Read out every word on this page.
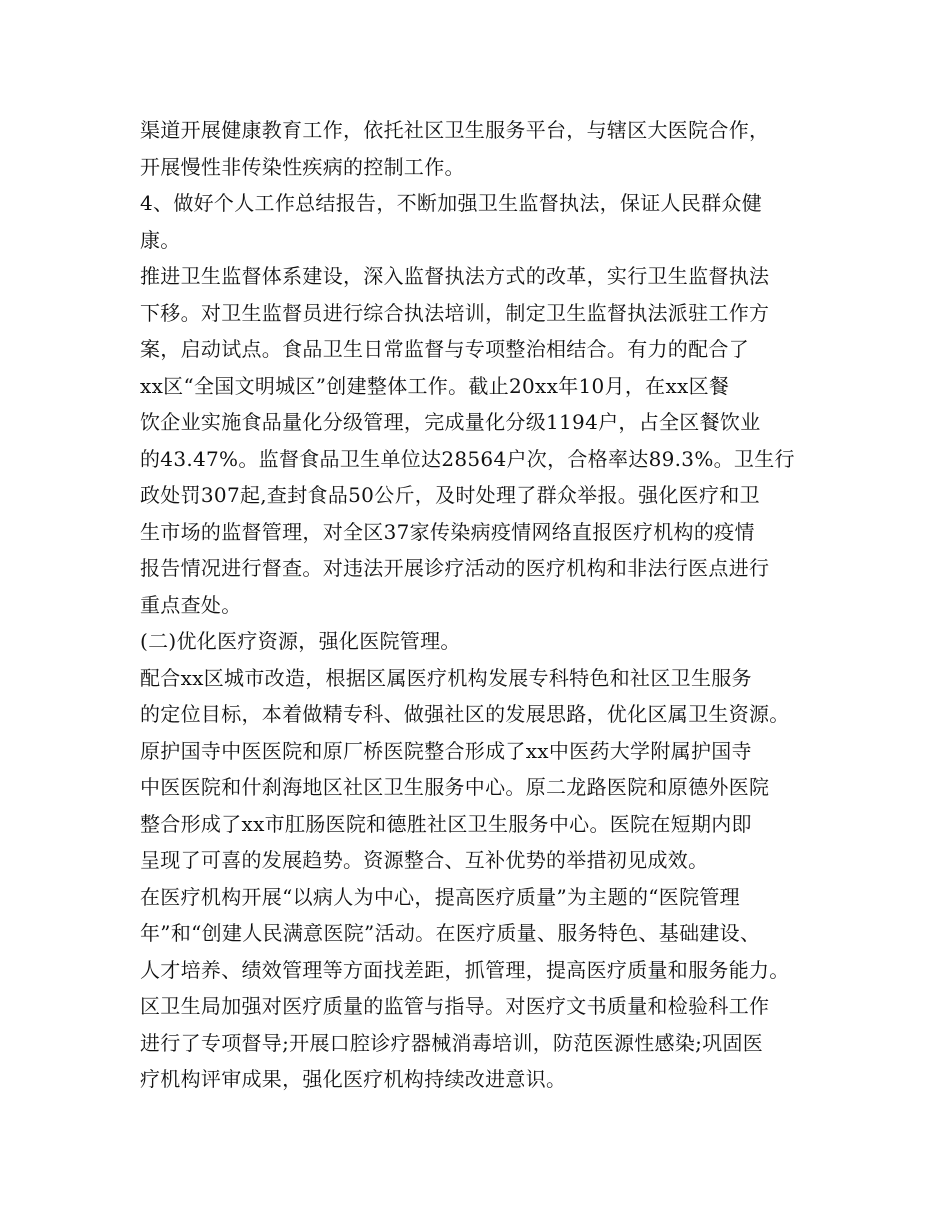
渠道开展健康教育工作，依托社区卫生服务平台，与辖区大医院合作，
开展慢性非传染性疾病的控制工作。
4、做好个人工作总结报告，不断加强卫生监督执法，保证人民群众健
康。
推进卫生监督体系建设，深入监督执法方式的改革，实行卫生监督执法
下移。对卫生监督员进行综合执法培训，制定卫生监督执法派驻工作方
案，启动试点。食品卫生日常监督与专项整治相结合。有力的配合了
xx区“全国文明城区”创建整体工作。截止20xx年10月，在xx区餐
饮企业实施食品量化分级管理，完成量化分级1194户，占全区餐饮业
的43.47%。监督食品卫生单位达28564户次，合格率达89.3%。卫生行
政处罚307起,查封食品50公斤，及时处理了群众举报。强化医疗和卫
生市场的监督管理，对全区37家传染病疫情网络直报医疗机构的疫情
报告情况进行督查。对违法开展诊疗活动的医疗机构和非法行医点进行
重点查处。
(二)优化医疗资源，强化医院管理。
配合xx区城市改造，根据区属医疗机构发展专科特色和社区卫生服务
的定位目标，本着做精专科、做强社区的发展思路，优化区属卫生资源。
原护国寺中医医院和原厂桥医院整合形成了xx中医药大学附属护国寺
中医医院和什刹海地区社区卫生服务中心。原二龙路医院和原德外医院
整合形成了xx市肛肠医院和德胜社区卫生服务中心。医院在短期内即
呈现了可喜的发展趋势。资源整合、互补优势的举措初见成效。
在医疗机构开展“以病人为中心，提高医疗质量”为主题的“医院管理
年”和“创建人民满意医院”活动。在医疗质量、服务特色、基础建设、
人才培养、绩效管理等方面找差距，抓管理，提高医疗质量和服务能力。
区卫生局加强对医疗质量的监管与指导。对医疗文书质量和检验科工作
进行了专项督导;开展口腔诊疗器械消毒培训，防范医源性感染;巩固医
疗机构评审成果，强化医疗机构持续改进意识。
